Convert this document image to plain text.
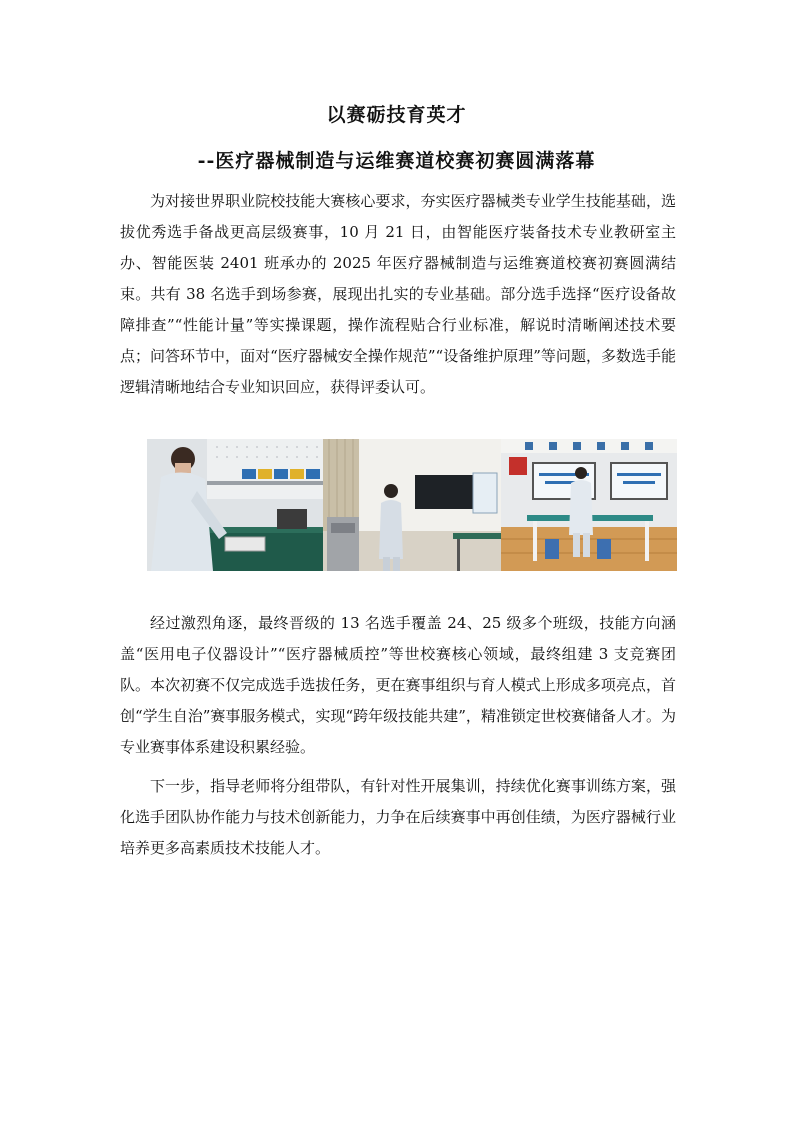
以赛砺技育英才
--医疗器械制造与运维赛道校赛初赛圆满落幕

为对接世界职业院校技能大赛核心要求，夯实医疗器械类专业学生技能基础，选拔优秀选手备战更高层级赛事，10 月 21 日，由智能医疗装备技术专业教研室主办、智能医装 2401 班承办的 2025 年医疗器械制造与运维赛道校赛初赛圆满结束。共有 38 名选手到场参赛，展现出扎实的专业基础。部分选手选择“医疗设备故障排查”“性能计量”等实操课题，操作流程贴合行业标准，解说时清晰阐述技术要点；问答环节中，面对“医疗器械安全操作规范”“设备维护原理”等问题，多数选手能逻辑清晰地结合专业知识回应，获得评委认可。

经过激烈角逐，最终晋级的 13 名选手覆盖 24、25 级多个班级，技能方向涵盖“医用电子仪器设计”“医疗器械质控”等世校赛核心领域，最终组建 3 支竞赛团队。本次初赛不仅完成选手选拔任务，更在赛事组织与育人模式上形成多项亮点，首创“学生自治”赛事服务模式，实现“跨年级技能共建”，精准锁定世校赛储备人才。为专业赛事体系建设积累经验。

下一步，指导老师将分组带队，有针对性开展集训，持续优化赛事训练方案，强化选手团队协作能力与技术创新能力，力争在后续赛事中再创佳绩，为医疗器械行业培养更多高素质技术技能人才。
